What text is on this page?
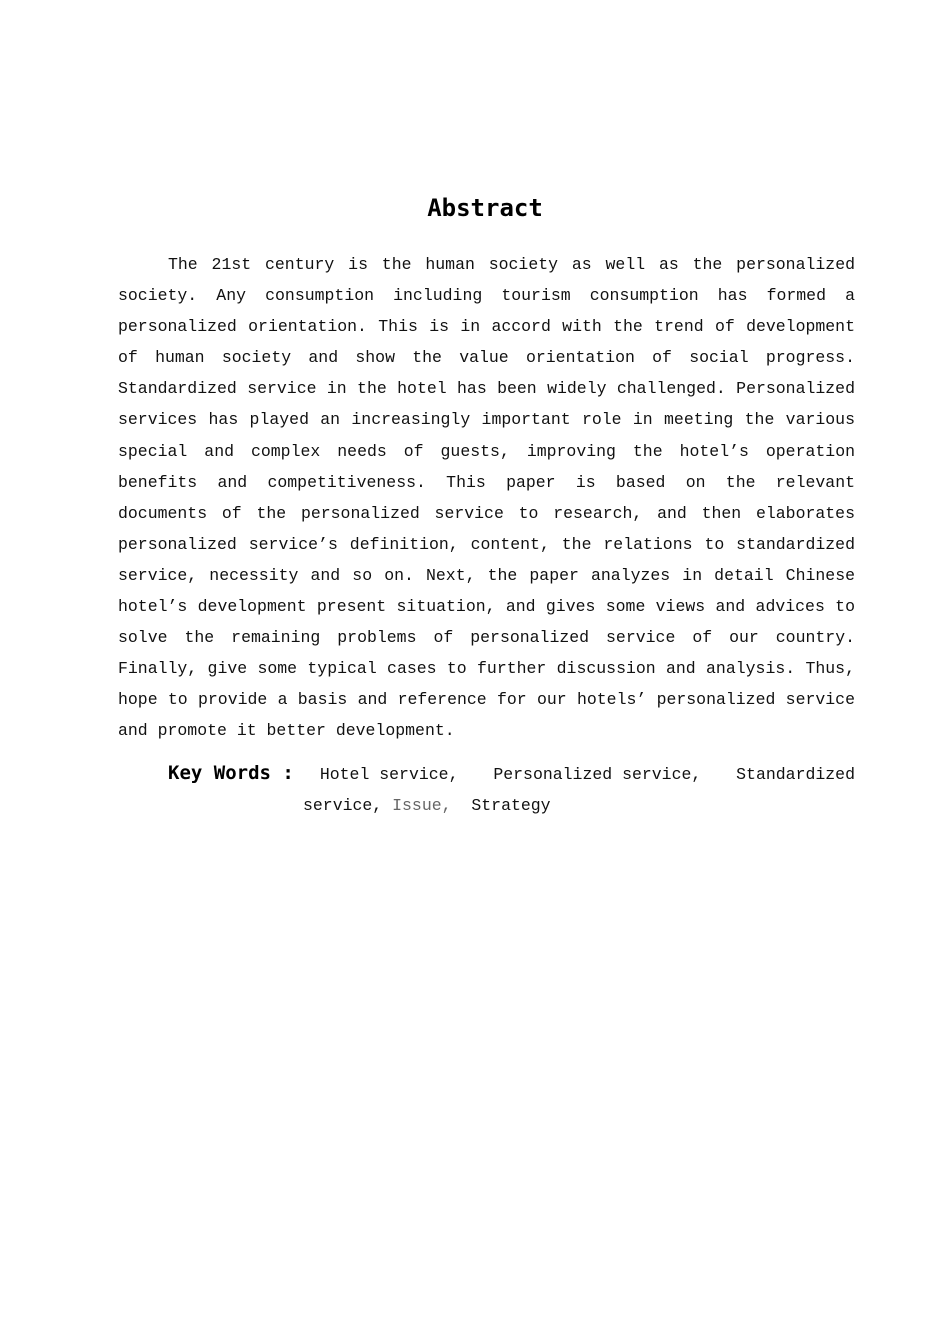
Abstract

The 21st century is the human society as well as the personalized society. Any consumption including tourism consumption has formed a personalized orientation. This is in accord with the trend of development of human society and show the value orientation of social progress. Standardized service in the hotel has been widely challenged. Personalized services has played an increasingly important role in meeting the various special and complex needs of guests, improving the hotel’s operation benefits and competitiveness. This paper is based on the relevant documents of the personalized service to research, and then elaborates personalized service’s definition, content, the relations to standardized service, necessity and so on. Next, the paper analyzes in detail Chinese hotel’s development present situation, and gives some views and advices to solve the remaining problems of personalized service of our country. Finally, give some typical cases to further discussion and analysis. Thus, hope to provide a basis and reference for our hotels’ personalized service and promote it better development.

Key Words : Hotel service, Personalized service, Standardized
service, Issue, Strategy
